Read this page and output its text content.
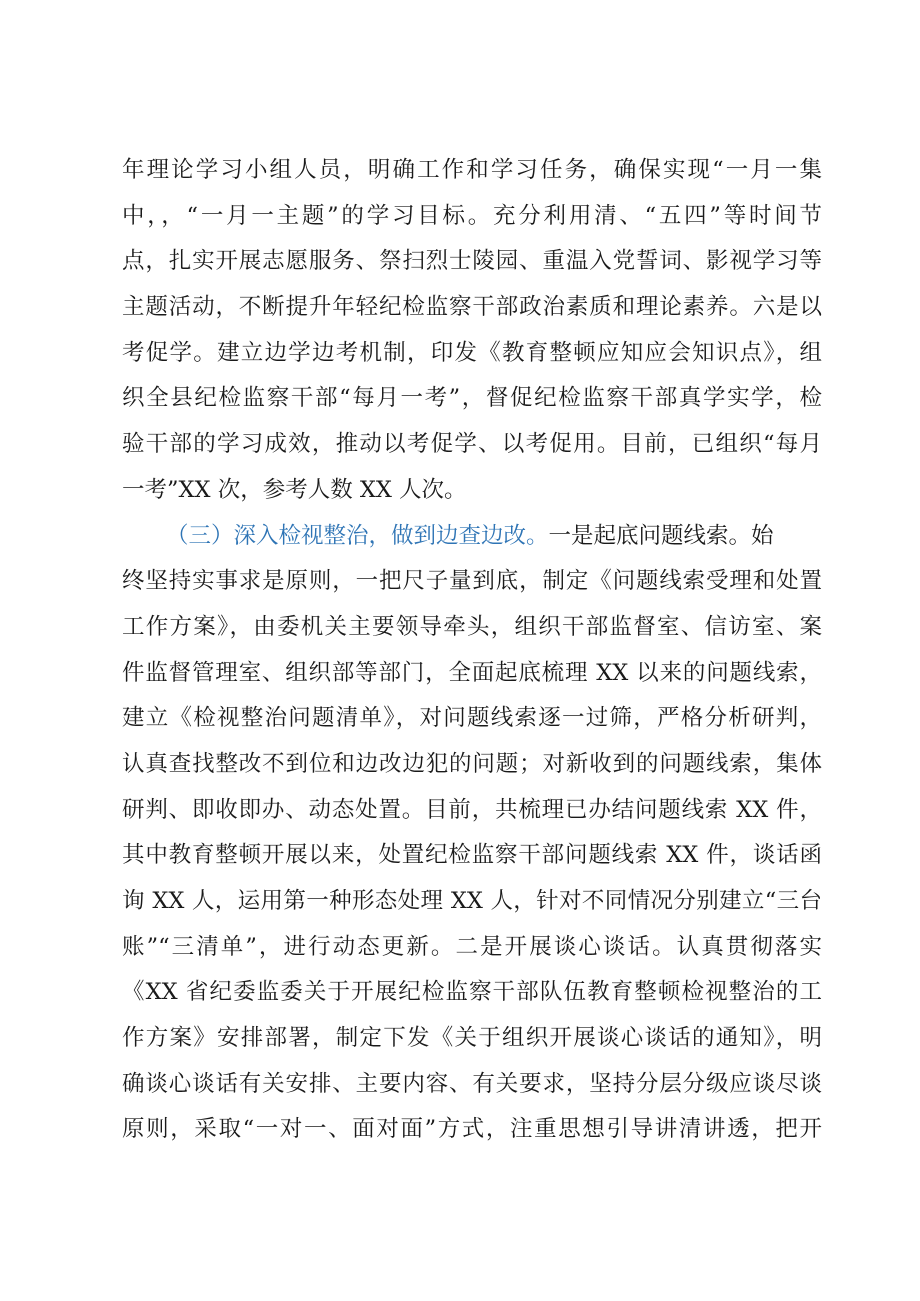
年理论学习小组人员，明确工作和学习任务，确保实现“一月一集
中，，“一月一主题”的学习目标。充分利用清、“五四”等时间节
点，扎实开展志愿服务、祭扫烈士陵园、重温入党誓词、影视学习等
主题活动，不断提升年轻纪检监察干部政治素质和理论素养。六是以
考促学。建立边学边考机制，印发《教育整顿应知应会知识点》，组
织全县纪检监察干部“每月一考”，督促纪检监察干部真学实学，检
验干部的学习成效，推动以考促学、以考促用。目前，已组织“每月
一考”XX 次，参考人数 XX 人次。
（三）深入检视整治，做到边查边改。一是起底问题线索。始
终坚持实事求是原则，一把尺子量到底，制定《问题线索受理和处置
工作方案》，由委机关主要领导牵头，组织干部监督室、信访室、案
件监督管理室、组织部等部门，全面起底梳理 XX 以来的问题线索，
建立《检视整治问题清单》，对问题线索逐一过筛，严格分析研判，
认真查找整改不到位和边改边犯的问题；对新收到的问题线索，集体
研判、即收即办、动态处置。目前，共梳理已办结问题线索 XX 件，
其中教育整顿开展以来，处置纪检监察干部问题线索 XX 件，谈话函
询 XX 人，运用第一种形态处理 XX 人，针对不同情况分别建立“三台
账”“三清单”，进行动态更新。二是开展谈心谈话。认真贯彻落实
《XX 省纪委监委关于开展纪检监察干部队伍教育整顿检视整治的工
作方案》安排部署，制定下发《关于组织开展谈心谈话的通知》，明
确谈心谈话有关安排、主要内容、有关要求，坚持分层分级应谈尽谈
原则，采取“一对一、面对面”方式，注重思想引导讲清讲透，把开
